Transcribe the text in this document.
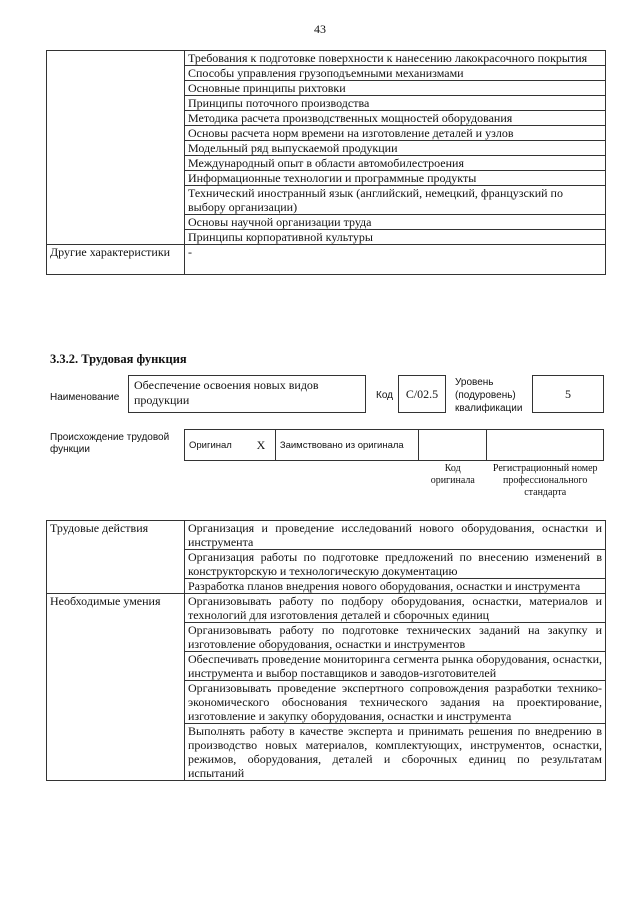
43
	Требования к подготовке поверхности к нанесению лакокрасочного покрытия
	Способы управления грузоподъемными механизмами
	Основные принципы рихтовки
	Принципы поточного производства
	Методика расчета производственных мощностей оборудования
	Основы расчета норм времени на изготовление деталей и узлов
	Модельный ряд выпускаемой продукции
	Международный опыт в области автомобилестроения
	Информационные технологии и программные продукты
	Технический иностранный язык (английский, немецкий, французский по выбору организации)
	Основы научной организации труда
	Принципы корпоративной культуры
Другие характеристики	-
3.3.2. Трудовая функция
Наименование
Обеспечение освоения новых видов продукции	Код	C/02.5
Уровень (подуровень) квалификации
5
Происхождение трудовой функции	Оригинал	X	Заимствовано из оригинала		
			Код оригинала	Регистрационный номер профессионального стандарта
Трудовые действия	Организация и проведение исследований нового оборудования, оснастки и инструмента
	Организация работы по подготовке предложений по внесению изменений в конструкторскую и технологическую документацию
	Разработка планов внедрения нового оборудования, оснастки и инструмента
Необходимые умения	Организовывать работу по подбору оборудования, оснастки, материалов и технологий для изготовления деталей и сборочных единиц
	Организовывать работу по подготовке технических заданий на закупку и изготовление оборудования, оснастки и инструментов
	Обеспечивать проведение мониторинга сегмента рынка оборудования, оснастки, инструмента и выбор поставщиков и заводов-изготовителей
	Организовывать проведение экспертного сопровождения разработки технико-экономического обоснования технического задания на проектирование, изготовление и закупку оборудования, оснастки и инструмента
	Выполнять работу в качестве эксперта и принимать решения по внедрению в производство новых материалов, комплектующих, инструментов, оснастки, режимов, оборудования, деталей и сборочных единиц по результатам испытаний
